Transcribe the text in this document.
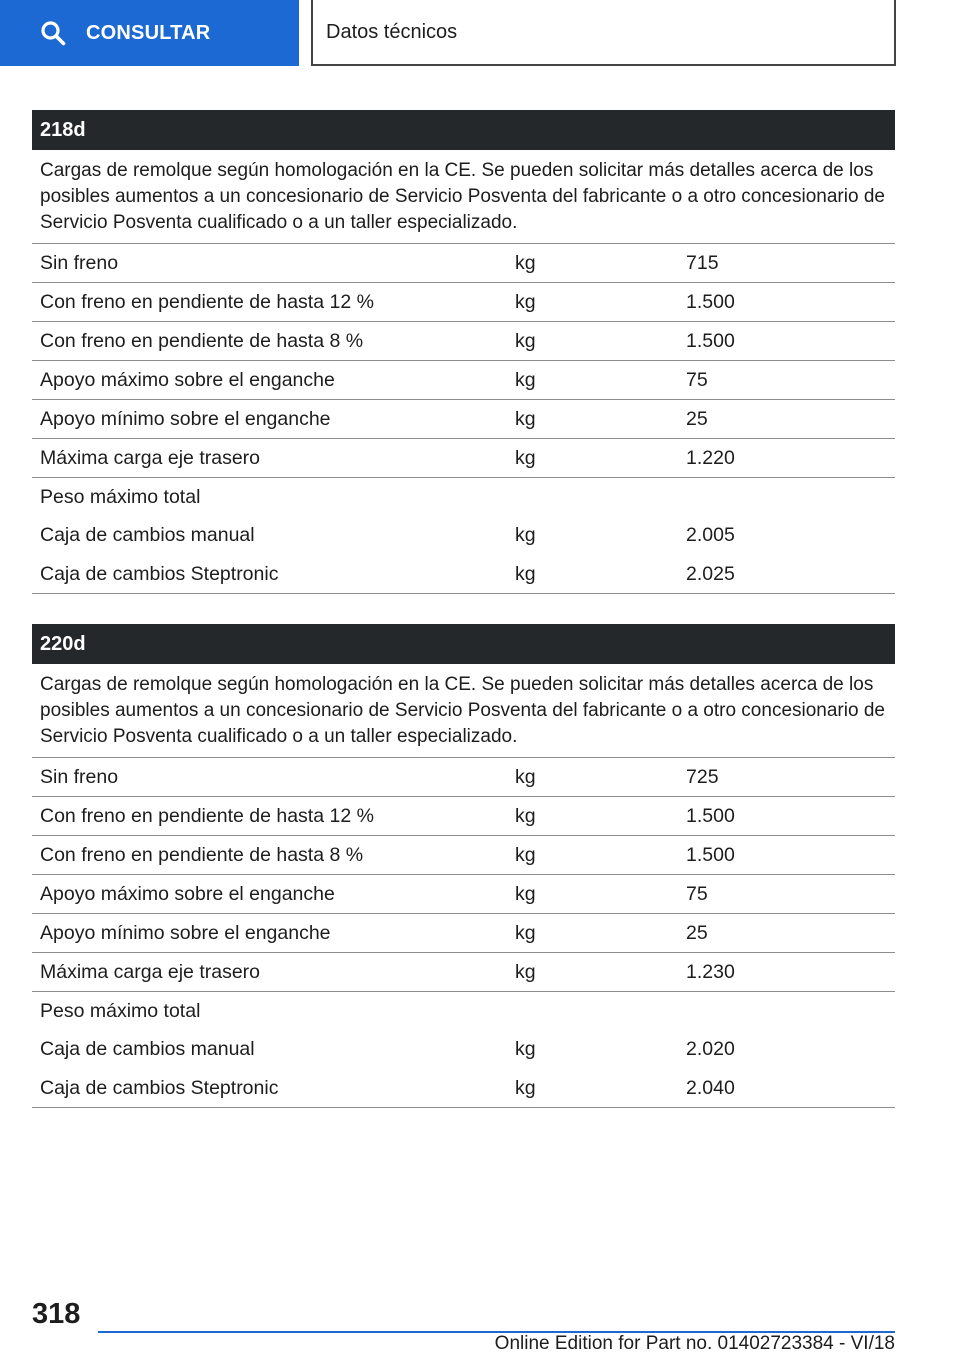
CONSULTAR	Datos técnicos
218d
Cargas de remolque según homologación en la CE. Se pueden solicitar más detalles acerca de los posibles aumentos a un concesionario de Servicio Posventa del fabricante o a otro concesionario de Servicio Posventa cualificado o a un taller especializado.
Sin freno	kg	715
Con freno en pendiente de hasta 12 %	kg	1.500
Con freno en pendiente de hasta 8 %	kg	1.500
Apoyo máximo sobre el enganche	kg	75
Apoyo mínimo sobre el enganche	kg	25
Máxima carga eje trasero	kg	1.220
Peso máximo total
Caja de cambios manual	kg	2.005
Caja de cambios Steptronic	kg	2.025
220d
Cargas de remolque según homologación en la CE. Se pueden solicitar más detalles acerca de los posibles aumentos a un concesionario de Servicio Posventa del fabricante o a otro concesionario de Servicio Posventa cualificado o a un taller especializado.
Sin freno	kg	725
Con freno en pendiente de hasta 12 %	kg	1.500
Con freno en pendiente de hasta 8 %	kg	1.500
Apoyo máximo sobre el enganche	kg	75
Apoyo mínimo sobre el enganche	kg	25
Máxima carga eje trasero	kg	1.230
Peso máximo total
Caja de cambios manual	kg	2.020
Caja de cambios Steptronic	kg	2.040
318
Online Edition for Part no. 01402723384 - VI/18
